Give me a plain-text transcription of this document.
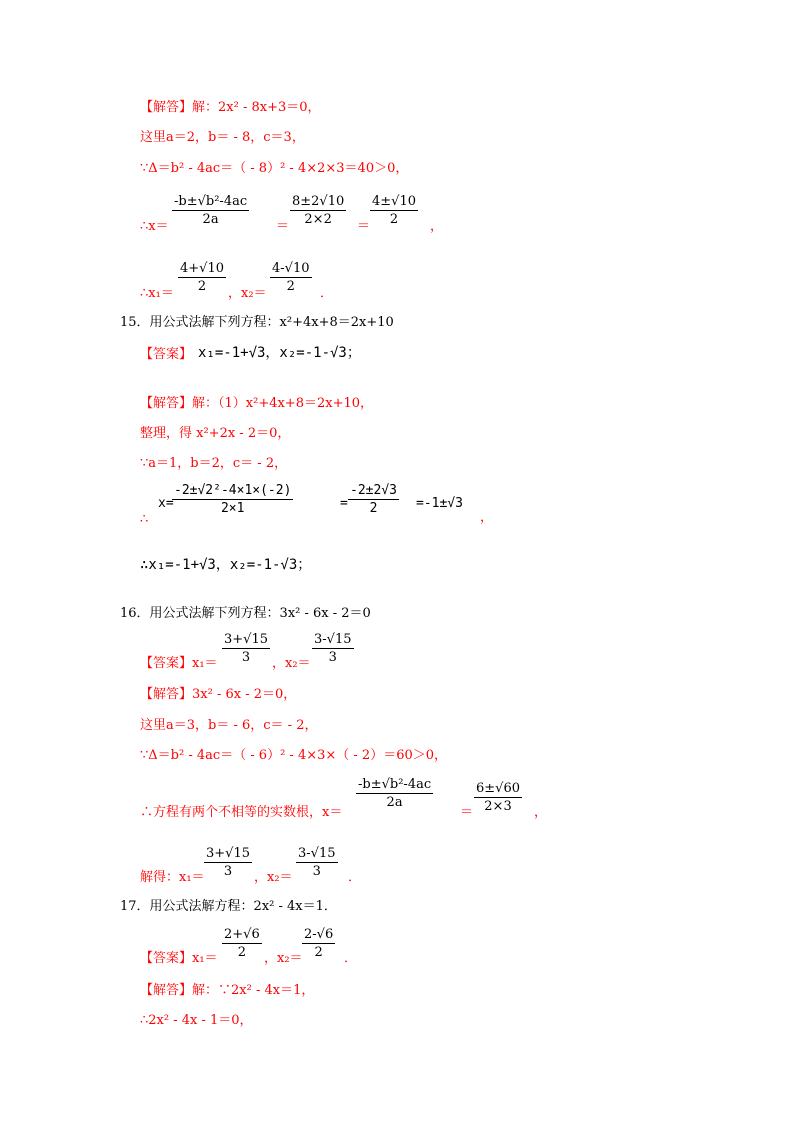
【解答】解：2x² - 8x+3＝0，
这里a＝2，b＝ - 8，c＝3，
∵Δ＝b² - 4ac＝（ - 8）² - 4×2×3＝40＞0，
∴x＝ $\frac{\text{-b±√b²-4ac}}{2a} = \frac{8\pm 2√10}{2\times 2} = \frac{4\pm√10}{2}$ ，
∴x₁＝ $\frac{4+√10}{2}$ ，$x_2= \frac{4-√10}{2}$ ．
15．用公式法解下列方程：x²+4x+8＝2x+10
【答案】 x₁=-1+√3，x₂=-1-√3；
【解答】解：（1）x²+4x+8＝2x+10，
整理，得 x²+2x - 2＝0，
∵a＝1，b＝2，c＝ - 2，
∴
x=
$\frac{\text{-2±√2²-4×1×(-2)}}{2\times 1}$	= $\frac{-2\pm 2√3}{2} =-1\pm√3$
，
∴x₁=-1+√3，x₂=-1-√3；
16．用公式法解下列方程：3x² - 6x - 2＝0
【答案】$x_1= \frac{3+√15}{3}$ ，$x_2= \frac{3-√15}{3}$
【解答】3x² - 6x - 2＝0，
这里a＝3，b＝ - 6，c＝ - 2，
∵Δ＝b² - 4ac＝（ - 6）² - 4×3×（ - 2）＝60＞0，
∴方程有两个不相等的实数根，x＝
$\frac{\text{-b±√b²-4ac}}{2a}$
＝ $\frac{6\pm√60}{2\times 3}$ ，
解得：$x_1= \frac{3+√15}{3}$ ，$x_2= \frac{3-√15}{3}$ ．
17．用公式法解方程：2x² - 4x＝1．
【答案】$x_1= \frac{2+√6}{2}$ ，$x_2= \frac{2-√6}{2}$ ．
【解答】解：∵2x² - 4x＝1，
∴2x² - 4x - 1＝0，
